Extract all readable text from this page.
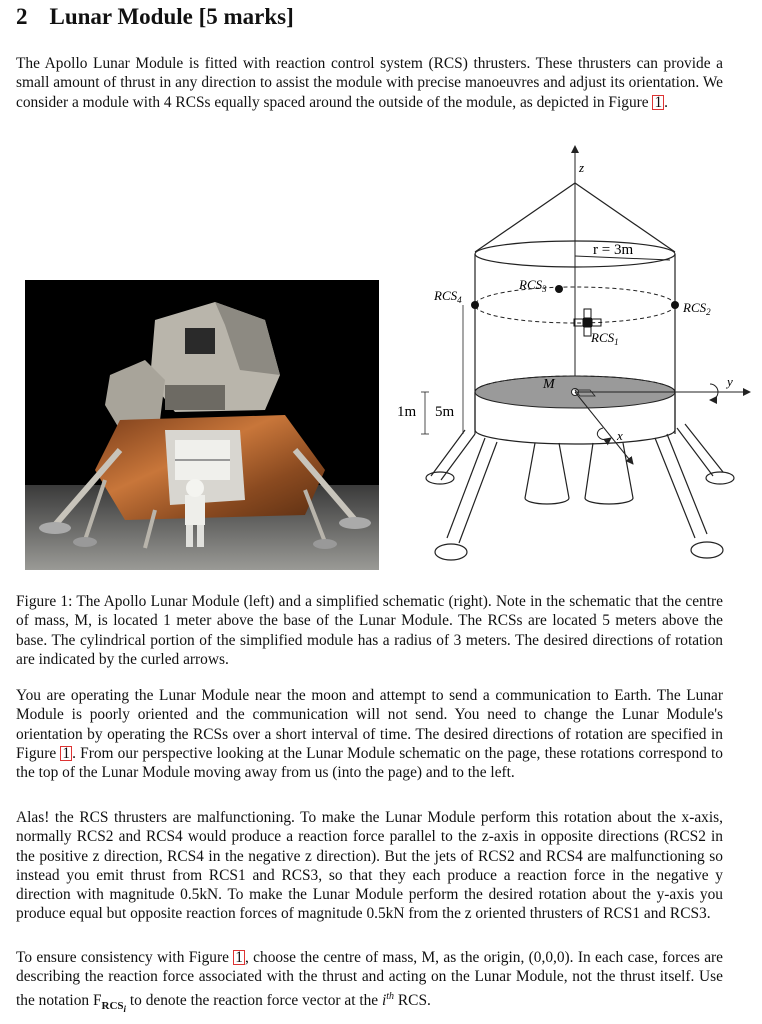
2 Lunar Module [5 marks]
The Apollo Lunar Module is fitted with reaction control system (RCS) thrusters. These thrusters can provide a small amount of thrust in any direction to assist the module with precise manoeuvres and adjust its orientation. We consider a module with 4 RCSs equally spaced around the outside of the module, as depicted in Figure 1 .
z
r = 3m
$RCS_4$	$RCS_2$
$RCS_3$
$RCS_1$
M	y
x
5m
1m
Figure 1: The Apollo Lunar Module (left) and a simplified schematic (right). Note in the schematic that the centre of mass, M, is located 1 meter above the base of the Lunar Module. The RCSs are located 5 meters above the base. The cylindrical portion of the simplified module has a radius of 3 meters. The desired directions of rotation are indicated by the curled arrows.
You are operating the Lunar Module near the moon and attempt to send a communication to Earth. The Lunar Module is poorly oriented and the communication will not send. You need to change the Lunar Module's orientation by operating the RCSs over a short interval of time. The desired directions of rotation are specified in Figure 1 . From our perspective looking at the Lunar Module schematic on the page, these rotations correspond to the top of the Lunar Module moving away from us (into the page) and to the left.
Alas! the RCS thrusters are malfunctioning. To make the Lunar Module perform this rotation about the x-axis, normally RCS2 and RCS4 would produce a reaction force parallel to the z-axis in opposite directions (RCS2 in the positive z direction, RCS4 in the negative z direction). But the jets of RCS2 and RCS4 are malfunctioning so instead you emit thrust from RCS1 and RCS3, so that they each produce a reaction force in the negative y direction with magnitude 0.5kN. To make the Lunar Module perform the desired rotation about the y-axis you produce equal but opposite reaction forces of magnitude 0.5kN from the z oriented thrusters of RCS1 and RCS3.
To ensure consistency with Figure 1 , choose the centre of mass, M, as the origin, (0,0,0). In each case, forces are describing the reaction force associated with the thrust and acting on the Lunar Module, not the thrust itself. Use the notation $F_{RCS_i}$ to denote the reaction force vector at the $i^{th}$ RCS.
